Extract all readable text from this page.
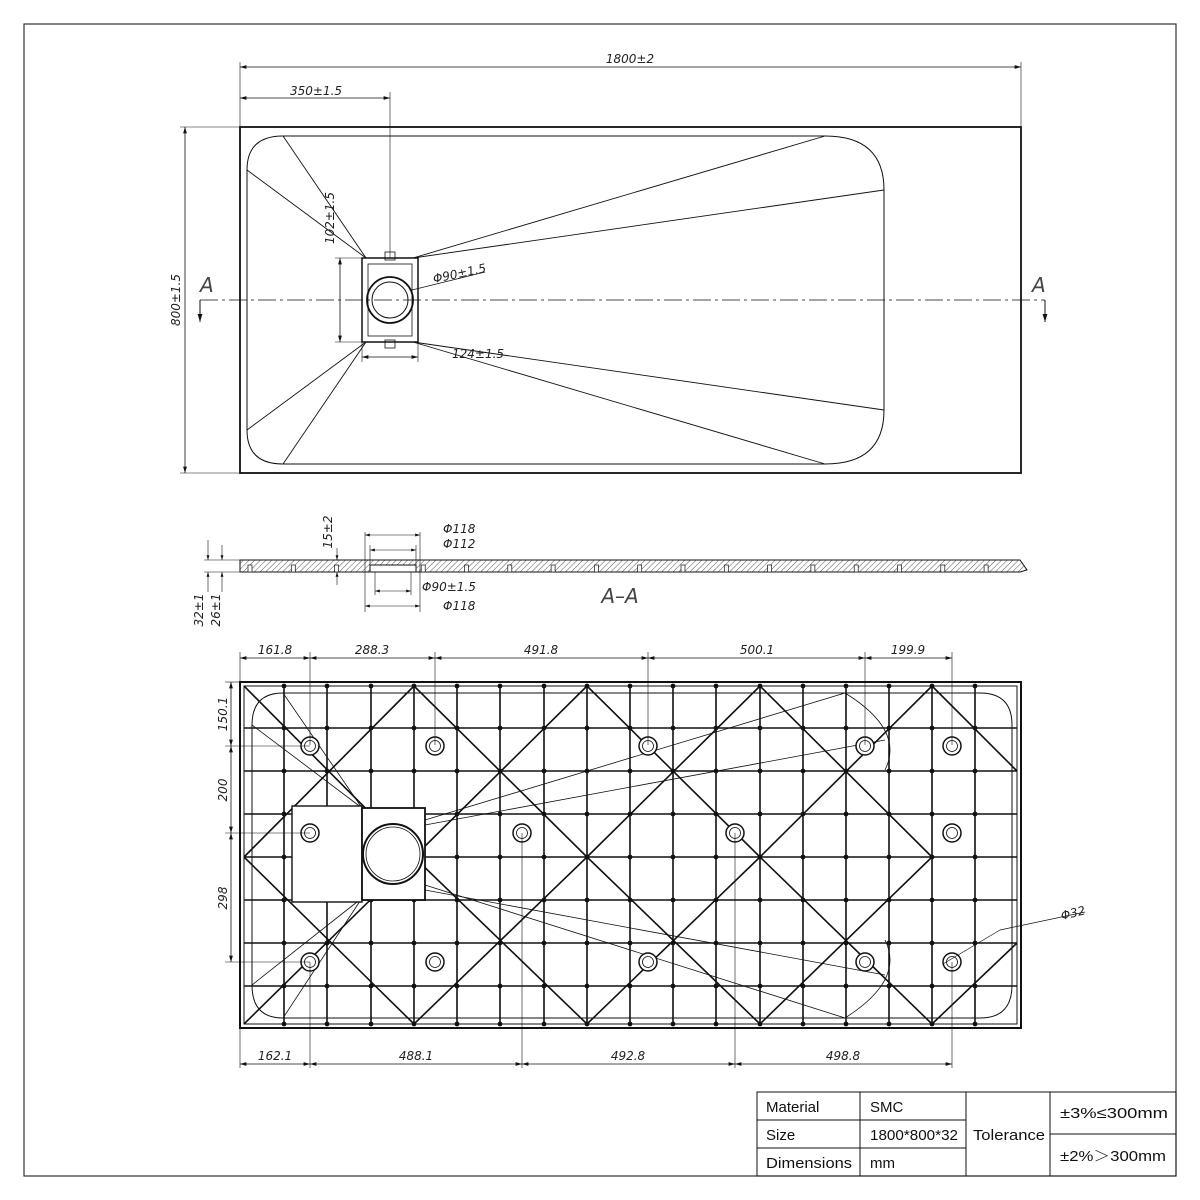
1800±2
350±1.5
800±1.5
102±1.5
Φ90±1.5
124±1.5
A	A
15±2	Φ118
Φ112
Φ90±1.5
Φ118
32±1 26±1	A–A
161.8	288.3	491.8	500.1	199.9
162.1	488.1	492.8	498.8
150.1
200
298
Φ32
Material	SMC
Size	1800*800*32
Dimensions mm
Tolerance
±3%≤300mm
±2%＞300mm
